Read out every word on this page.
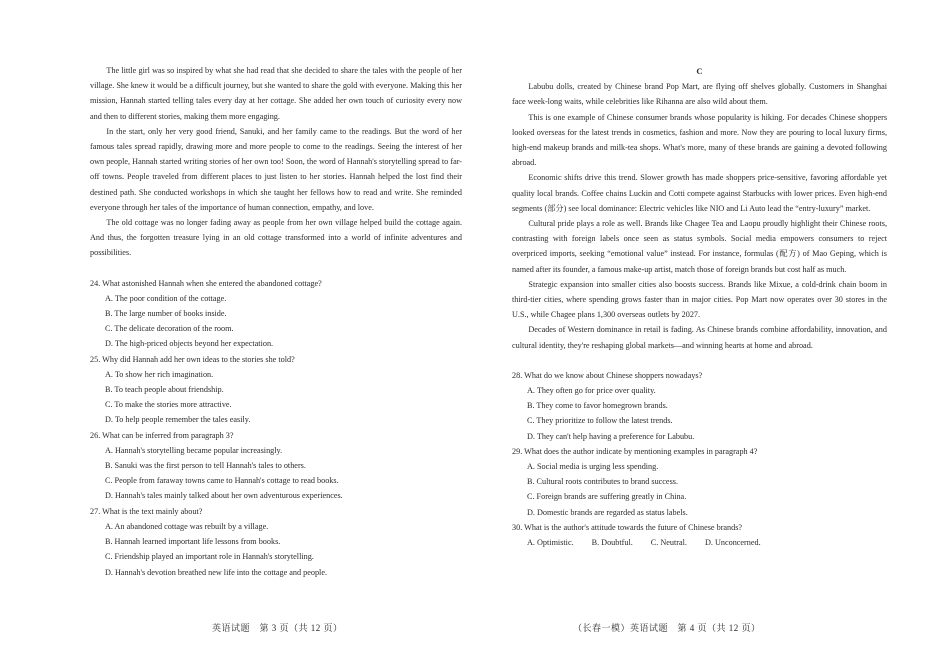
The little girl was so inspired by what she had read that she decided to share the tales with the people of her village. She knew it would be a difficult journey, but she wanted to share the gold with everyone. Making this her mission, Hannah started telling tales every day at her cottage. She added her own touch of curiosity every now and then to different stories, making them more engaging.

In the start, only her very good friend, Sanuki, and her family came to the readings. But the word of her famous tales spread rapidly, drawing more and more people to come to the readings. Seeing the interest of her own people, Hannah started writing stories of her own too! Soon, the word of Hannah's storytelling spread to far-off towns. People traveled from different places to just listen to her stories. Hannah helped the lost find their destined path. She conducted workshops in which she taught her fellows how to read and write. She reminded everyone through her tales of the importance of human connection, empathy, and love.

The old cottage was no longer fading away as people from her own village helped build the cottage again. And thus, the forgotten treasure lying in an old cottage transformed into a world of infinite adventures and possibilities.

24. What astonished Hannah when she entered the abandoned cottage?

A. The poor condition of the cottage.

B. The large number of books inside.

C. The delicate decoration of the room.

D. The high-priced objects beyond her expectation.

25. Why did Hannah add her own ideas to the stories she told?

A. To show her rich imagination.

B. To teach people about friendship.

C. To make the stories more attractive.

D. To help people remember the tales easily.

26. What can be inferred from paragraph 3?

A. Hannah's storytelling became popular increasingly.

B. Sanuki was the first person to tell Hannah's tales to others.

C. People from faraway towns came to Hannah's cottage to read books.

D. Hannah's tales mainly talked about her own adventurous experiences.

27. What is the text mainly about?

A. An abandoned cottage was rebuilt by a village.

B. Hannah learned important life lessons from books.

C. Friendship played an important role in Hannah's storytelling.

D. Hannah's devotion breathed new life into the cottage and people.

英语试题　第 3 页（共 12 页）

C

Labubu dolls, created by Chinese brand Pop Mart, are flying off shelves globally. Customers in Shanghai face week-long waits, while celebrities like Rihanna are also wild about them.

This is one example of Chinese consumer brands whose popularity is hiking. For decades Chinese shoppers looked overseas for the latest trends in cosmetics, fashion and more. Now they are pouring to local luxury firms, high-end makeup brands and milk-tea shops. What's more, many of these brands are gaining a devoted following abroad.

Economic shifts drive this trend. Slower growth has made shoppers price-sensitive, favoring affordable yet quality local brands. Coffee chains Luckin and Cotti compete against Starbucks with lower prices. Even high-end segments (部分) see local dominance: Electric vehicles like NIO and Li Auto lead the “entry-luxury” market.

Cultural pride plays a role as well. Brands like Chagee Tea and Laopu proudly highlight their Chinese roots, contrasting with foreign labels once seen as status symbols. Social media empowers consumers to reject overpriced imports, seeking “emotional value” instead. For instance, formulas (配方) of Mao Geping, which is named after its founder, a famous make-up artist, match those of foreign brands but cost half as much.

Strategic expansion into smaller cities also boosts success. Brands like Mixue, a cold-drink chain boom in third-tier cities, where spending grows faster than in major cities. Pop Mart now operates over 30 stores in the U.S., while Chagee plans 1,300 overseas outlets by 2027.

Decades of Western dominance in retail is fading. As Chinese brands combine affordability, innovation, and cultural identity, they're reshaping global markets—and winning hearts at home and abroad.

28. What do we know about Chinese shoppers nowadays?

A. They often go for price over quality.

B. They come to favor homegrown brands.

C. They prioritize to follow the latest trends.

D. They can't help having a preference for Labubu.

29. What does the author indicate by mentioning examples in paragraph 4?

A. Social media is urging less spending.

B. Cultural roots contributes to brand success.

C. Foreign brands are suffering greatly in China.

D. Domestic brands are regarded as status labels.

30. What is the author's attitude towards the future of Chinese brands?

A. Optimistic. B. Doubtful. C. Neutral. D. Unconcerned.
（长春一模）英语试题　第 4 页（共 12 页）
